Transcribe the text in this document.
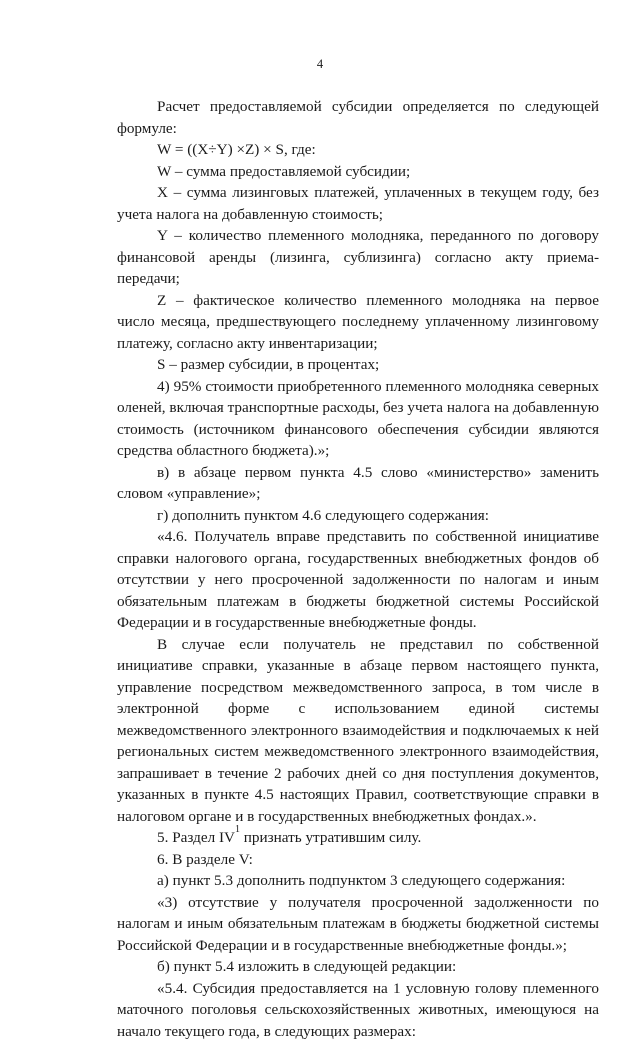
4

Расчет предоставляемой субсидии определяется по следующей формуле:

W = ((X÷Y) ×Z) × S, где:

W – сумма предоставляемой субсидии;

X – сумма лизинговых платежей, уплаченных в текущем году, без учета налога на добавленную стоимость;

Y – количество племенного молодняка, переданного по договору финансовой аренды (лизинга, сублизинга) согласно акту приема-передачи;

Z – фактическое количество племенного молодняка на первое число месяца, предшествующего последнему уплаченному лизинговому платежу, согласно акту инвентаризации;

S – размер субсидии, в процентах;

4) 95% стоимости приобретенного племенного молодняка северных оленей, включая транспортные расходы, без учета налога на добавленную стоимость (источником финансового обеспечения субсидии являются средства областного бюджета).»;

в) в абзаце первом пункта 4.5 слово «министерство» заменить словом «управление»;

г) дополнить пунктом 4.6 следующего содержания:

«4.6. Получатель вправе представить по собственной инициативе справки налогового органа, государственных внебюджетных фондов об отсутствии у него просроченной задолженности по налогам и иным обязательным платежам в бюджеты бюджетной системы Российской Федерации и в государственные внебюджетные фонды.

В случае если получатель не представил по собственной инициативе справки, указанные в абзаце первом настоящего пункта, управление посредством межведомственного запроса, в том числе в электронной форме с использованием единой системы межведомственного электронного взаимодействия и подключаемых к ней региональных систем межведомственного электронного взаимодействия, запрашивает в течение 2 рабочих дней со дня поступления документов, указанных в пункте 4.5 настоящих Правил, соответствующие справки в налоговом органе и в государственных внебюджетных фондах.».

5. Раздел $IV^1$ признать утратившим силу.

6. В разделе V:

а) пункт 5.3 дополнить подпунктом 3 следующего содержания:

«3) отсутствие у получателя просроченной задолженности по налогам и иным обязательным платежам в бюджеты бюджетной системы Российской Федерации и в государственные внебюджетные фонды.»;

б) пункт 5.4 изложить в следующей редакции:

«5.4. Субсидия предоставляется на 1 условную голову племенного маточного поголовья сельскохозяйственных животных, имеющуюся на начало текущего года, в следующих размерах:
